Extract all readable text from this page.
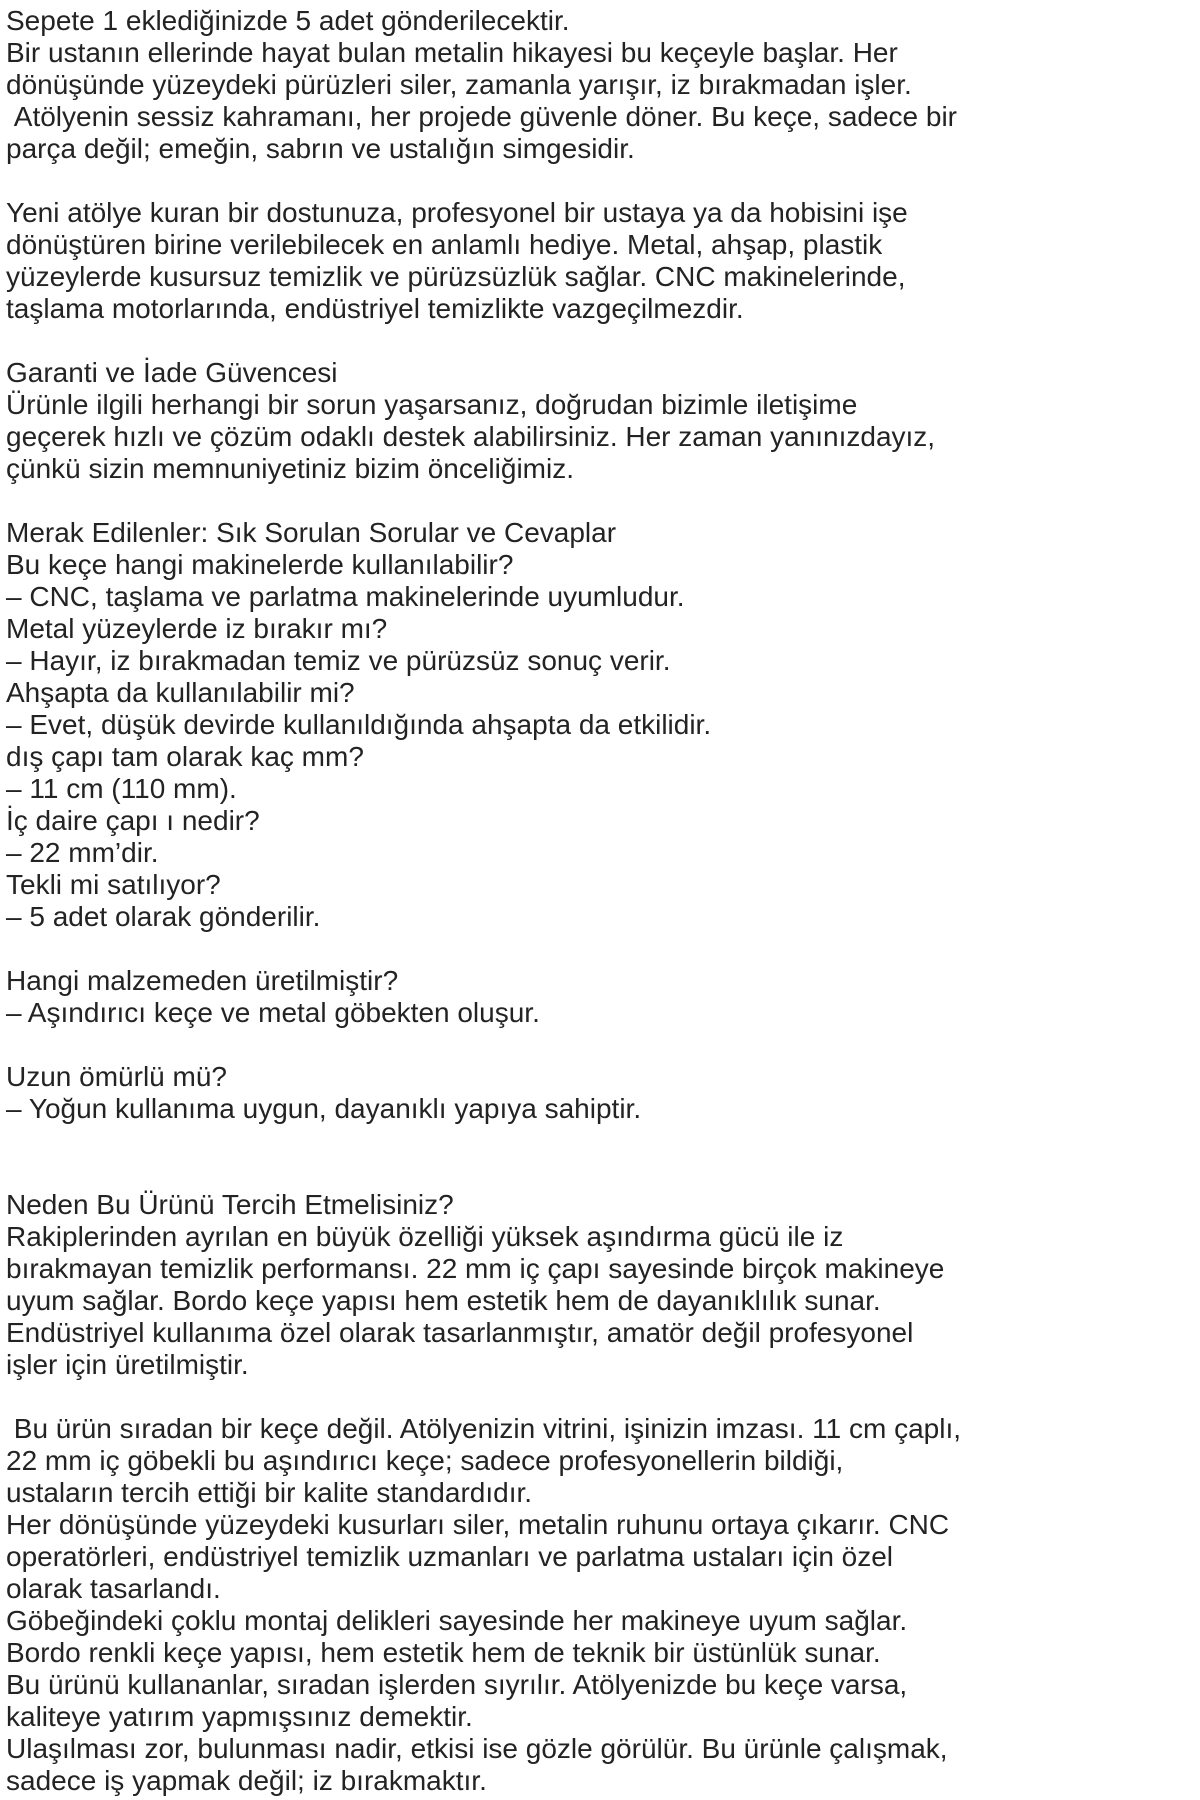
Sepete 1 eklediğinizde 5 adet gönderilecektir.
Bir ustanın ellerinde hayat bulan metalin hikayesi bu keçeyle başlar. Her
dönüşünde yüzeydeki pürüzleri siler, zamanla yarışır, iz bırakmadan işler.
Atölyenin sessiz kahramanı, her projede güvenle döner. Bu keçe, sadece bir
parça değil; emeğin, sabrın ve ustalığın simgesidir.
Yeni atölye kuran bir dostunuza, profesyonel bir ustaya ya da hobisini işe
dönüştüren birine verilebilecek en anlamlı hediye. Metal, ahşap, plastik
yüzeylerde kusursuz temizlik ve pürüzsüzlük sağlar. CNC makinelerinde,
taşlama motorlarında, endüstriyel temizlikte vazgeçilmezdir.
Garanti ve İade Güvencesi
Ürünle ilgili herhangi bir sorun yaşarsanız, doğrudan bizimle iletişime
geçerek hızlı ve çözüm odaklı destek alabilirsiniz. Her zaman yanınızdayız,
çünkü sizin memnuniyetiniz bizim önceliğimiz.
Merak Edilenler: Sık Sorulan Sorular ve Cevaplar
Bu keçe hangi makinelerde kullanılabilir?
– CNC, taşlama ve parlatma makinelerinde uyumludur.
Metal yüzeylerde iz bırakır mı?
– Hayır, iz bırakmadan temiz ve pürüzsüz sonuç verir.
Ahşapta da kullanılabilir mi?
– Evet, düşük devirde kullanıldığında ahşapta da etkilidir.
dış çapı tam olarak kaç mm?
– 11 cm (110 mm).
İç daire çapı ı nedir?
– 22 mm’dir.
Tekli mi satılıyor?
– 5 adet olarak gönderilir.
Hangi malzemeden üretilmiştir?
– Aşındırıcı keçe ve metal göbekten oluşur.
Uzun ömürlü mü?
– Yoğun kullanıma uygun, dayanıklı yapıya sahiptir.
Neden Bu Ürünü Tercih Etmelisiniz?
Rakiplerinden ayrılan en büyük özelliği yüksek aşındırma gücü ile iz
bırakmayan temizlik performansı. 22 mm iç çapı sayesinde birçok makineye
uyum sağlar. Bordo keçe yapısı hem estetik hem de dayanıklılık sunar.
Endüstriyel kullanıma özel olarak tasarlanmıştır, amatör değil profesyonel
işler için üretilmiştir.
Bu ürün sıradan bir keçe değil. Atölyenizin vitrini, işinizin imzası. 11 cm çaplı,
22 mm iç göbekli bu aşındırıcı keçe; sadece profesyonellerin bildiği,
ustaların tercih ettiği bir kalite standardıdır.
Her dönüşünde yüzeydeki kusurları siler, metalin ruhunu ortaya çıkarır. CNC
operatörleri, endüstriyel temizlik uzmanları ve parlatma ustaları için özel
olarak tasarlandı.
Göbeğindeki çoklu montaj delikleri sayesinde her makineye uyum sağlar.
Bordo renkli keçe yapısı, hem estetik hem de teknik bir üstünlük sunar.
Bu ürünü kullananlar, sıradan işlerden sıyrılır. Atölyenizde bu keçe varsa,
kaliteye yatırım yapmışsınız demektir.
Ulaşılması zor, bulunması nadir, etkisi ise gözle görülür. Bu ürünle çalışmak,
sadece iş yapmak değil; iz bırakmaktır.
